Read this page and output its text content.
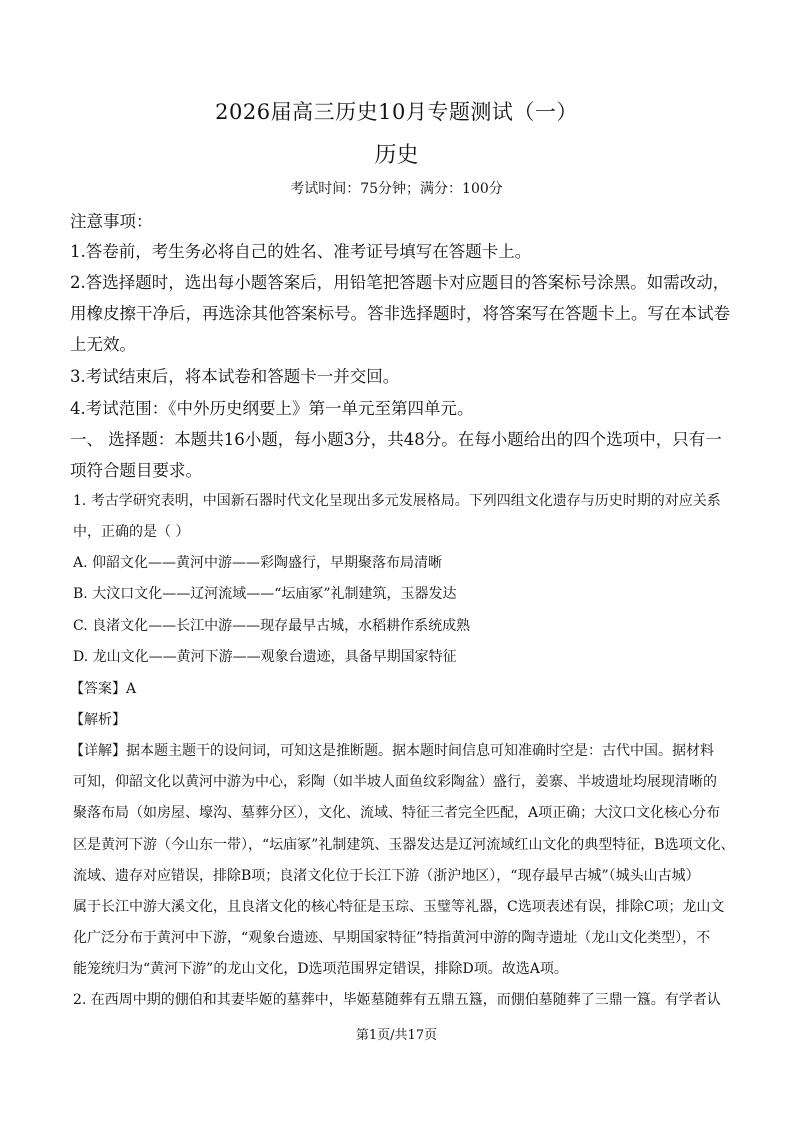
2026届高三历史10月专题测试（一）
历史
考试时间：75分钟；满分：100分
注意事项：
1.答卷前，考生务必将自己的姓名、准考证号填写在答题卡上。
2.答选择题时，选出每小题答案后，用铅笔把答题卡对应题目的答案标号涂黑。如需改动，
用橡皮擦干净后，再选涂其他答案标号。答非选择题时，将答案写在答题卡上。写在本试卷
上无效。
3.考试结束后，将本试卷和答题卡一并交回。
4.考试范围：《中外历史纲要上》第一单元至第四单元。
一、 选择题：本题共16小题，每小题3分，共48分。在每小题给出的四个选项中，只有一
项符合题目要求。
1. 考古学研究表明，中国新石器时代文化呈现出多元发展格局。下列四组文化遗存与历史时期的对应关系
中，正确的是（ ）
A. 仰韶文化——黄河中游——彩陶盛行，早期聚落布局清晰
B. 大汶口文化——辽河流域——“坛庙冢”礼制建筑，玉器发达
C. 良渚文化——长江中游——现存最早古城，水稻耕作系统成熟
D. 龙山文化——黄河下游——观象台遗迹，具备早期国家特征
【答案】A
【解析】
【详解】据本题主题干的设问词，可知这是推断题。据本题时间信息可知准确时空是：古代中国。据材料
可知，仰韶文化以黄河中游为中心，彩陶（如半坡人面鱼纹彩陶盆）盛行，姜寨、半坡遗址均展现清晰的
聚落布局（如房屋、壕沟、墓葬分区），文化、流域、特征三者完全匹配，A项正确；大汶口文化核心分布
区是黄河下游（今山东一带），“坛庙冢”礼制建筑、玉器发达是辽河流域红山文化的典型特征，B选项文化、
流域、遗存对应错误，排除B项；良渚文化位于长江下游（浙沪地区），“现存最早古城”（城头山古城）
属于长江中游大溪文化，且良渚文化的核心特征是玉琮、玉璧等礼器，C选项表述有误，排除C项；龙山文
化广泛分布于黄河中下游，“观象台遗迹、早期国家特征”特指黄河中游的陶寺遗址（龙山文化类型），不
能笼统归为“黄河下游”的龙山文化，D选项范围界定错误，排除D项。故选A项。
2. 在西周中期的倗伯和其妻毕姬的墓葬中，毕姬墓随葬有五鼎五簋，而倗伯墓随葬了三鼎一簋。有学者认
第1页/共17页
